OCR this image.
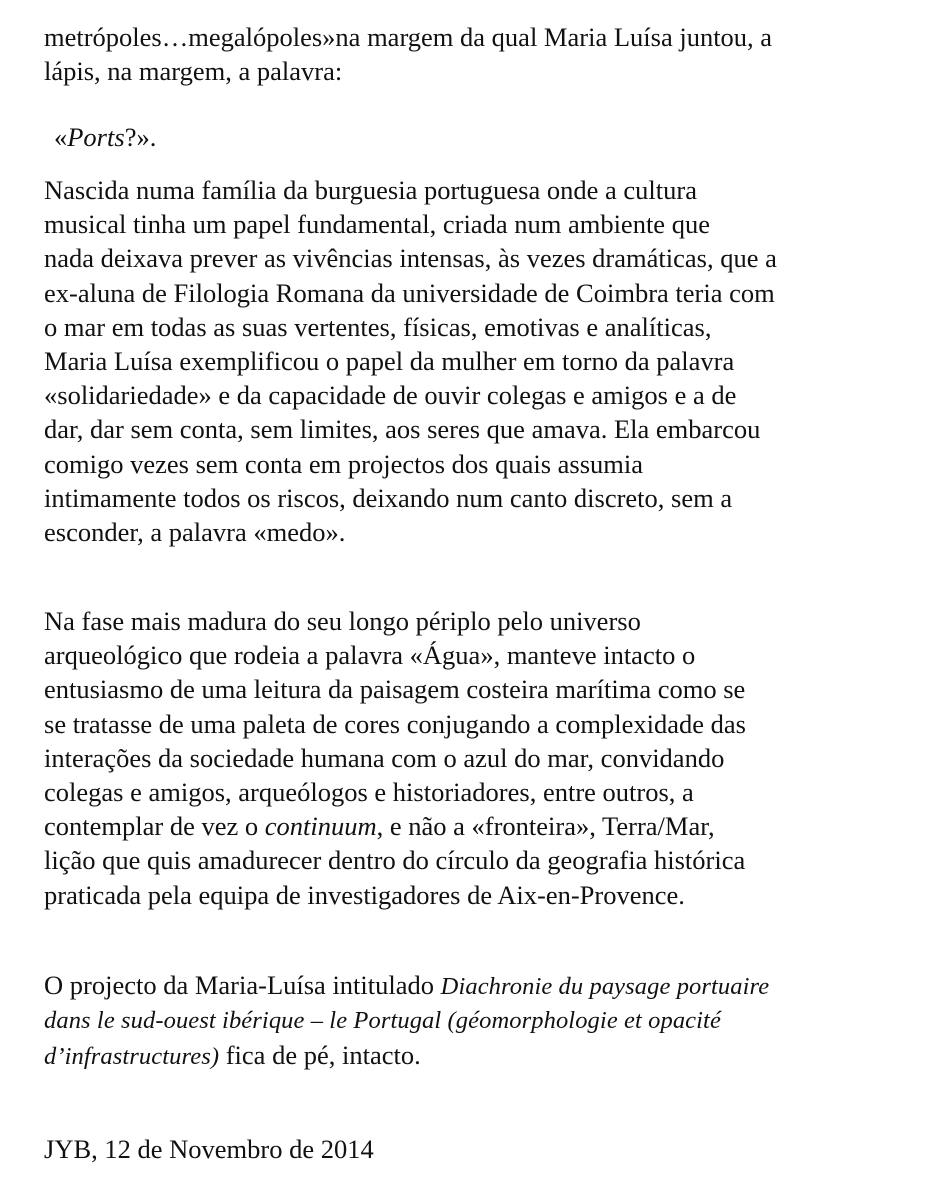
metrópoles…megalópoles»na margem da qual Maria Luísa juntou, a
lápis, na margem, a palavra:

«Ports?».

Nascida numa família da burguesia portuguesa onde a cultura
musical tinha um papel fundamental, criada num ambiente que
nada deixava prever as vivências intensas, às vezes dramáticas, que a
ex-aluna de Filologia Romana da universidade de Coimbra teria com
o mar em todas as suas vertentes, físicas, emotivas e analíticas,
Maria Luísa exemplificou o papel da mulher em torno da palavra
«solidariedade» e da capacidade de ouvir colegas e amigos e a de
dar, dar sem conta, sem limites, aos seres que amava. Ela embarcou
comigo vezes sem conta em projectos dos quais assumia
intimamente todos os riscos, deixando num canto discreto, sem a
esconder, a palavra «medo».

Na fase mais madura do seu longo périplo pelo universo
arqueológico que rodeia a palavra «Água», manteve intacto o
entusiasmo de uma leitura da paisagem costeira marítima como se
se tratasse de uma paleta de cores conjugando a complexidade das
interações da sociedade humana com o azul do mar, convidando
colegas e amigos, arqueólogos e historiadores, entre outros, a
contemplar de vez o continuum, e não a «fronteira», Terra/Mar,
lição que quis amadurecer dentro do círculo da geografia histórica
praticada pela equipa de investigadores de Aix-en-Provence.

O projecto da Maria-Luísa intitulado Diachronie du paysage portuaire
dans le sud-ouest ibérique – le Portugal (géomorphologie et opacité
d’infrastructures) fica de pé, intacto.

JYB, 12 de Novembro de 2014
